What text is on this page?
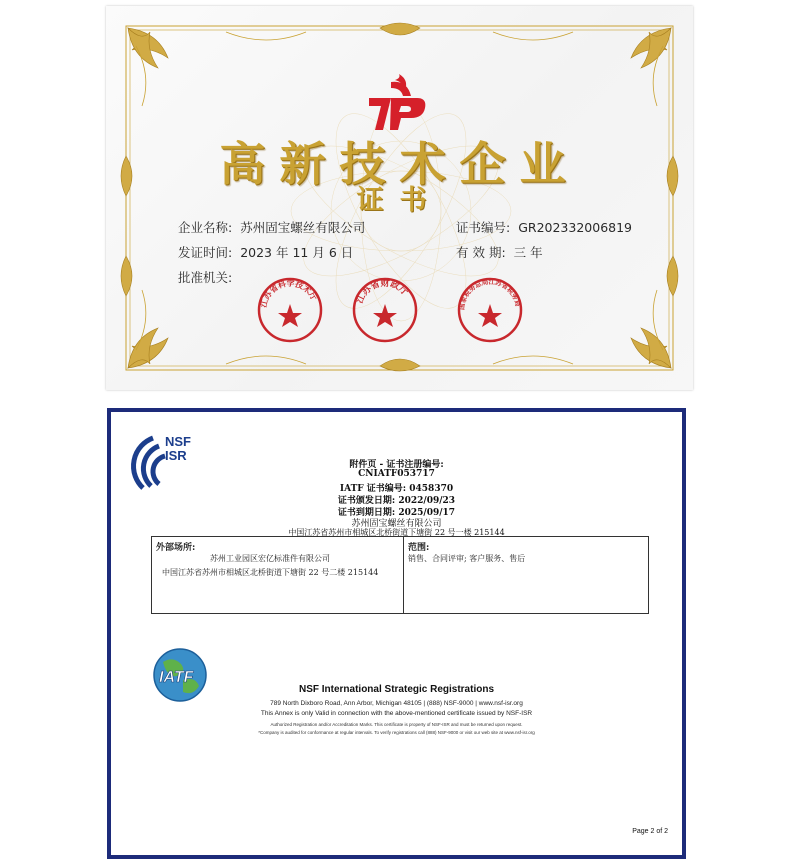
高新技术企业
证书
企业名称: 苏州固宝螺丝有限公司	证书编号: GR202332006819
发证时间: 2023 年 11 月 6 日	有 效 期: 三 年
批准机关:
江苏省科学技术厅	江苏省财政厅
国家税务总局江苏省税务局
NSF
ISR
附件页 - 证书注册编号:
CNIATF053717
IATF 证书编号: 0458370
证书颁发日期: 2022/09/23
证书到期日期: 2025/09/17
苏州固宝螺丝有限公司
中国江苏省苏州市相城区北桥街道下塘街 22 号一楼 215144
外部场所:
苏州工业园区宏亿标准件有限公司
中国江苏省苏州市相城区北桥街道下塘街 22 号二楼 215144
范围:
销售、合同评审; 客户服务、售后
IATF
NSF International Strategic Registrations
789 North Dixboro Road, Ann Arbor, Michigan 48105 | (888) NSF-9000 | www.nsf-isr.org
This Annex is only Valid in connection with the above-mentioned certificate issued by NSF-ISR
Authorized Registration and/or Accreditation Marks. This certificate is property of NSF-ISR and must be returned upon request.
*Company is audited for conformance at regular intervals. To verify registrations call (888) NSF-9000 or visit our web site at www.nsf-isr.org
Page 2 of 2
